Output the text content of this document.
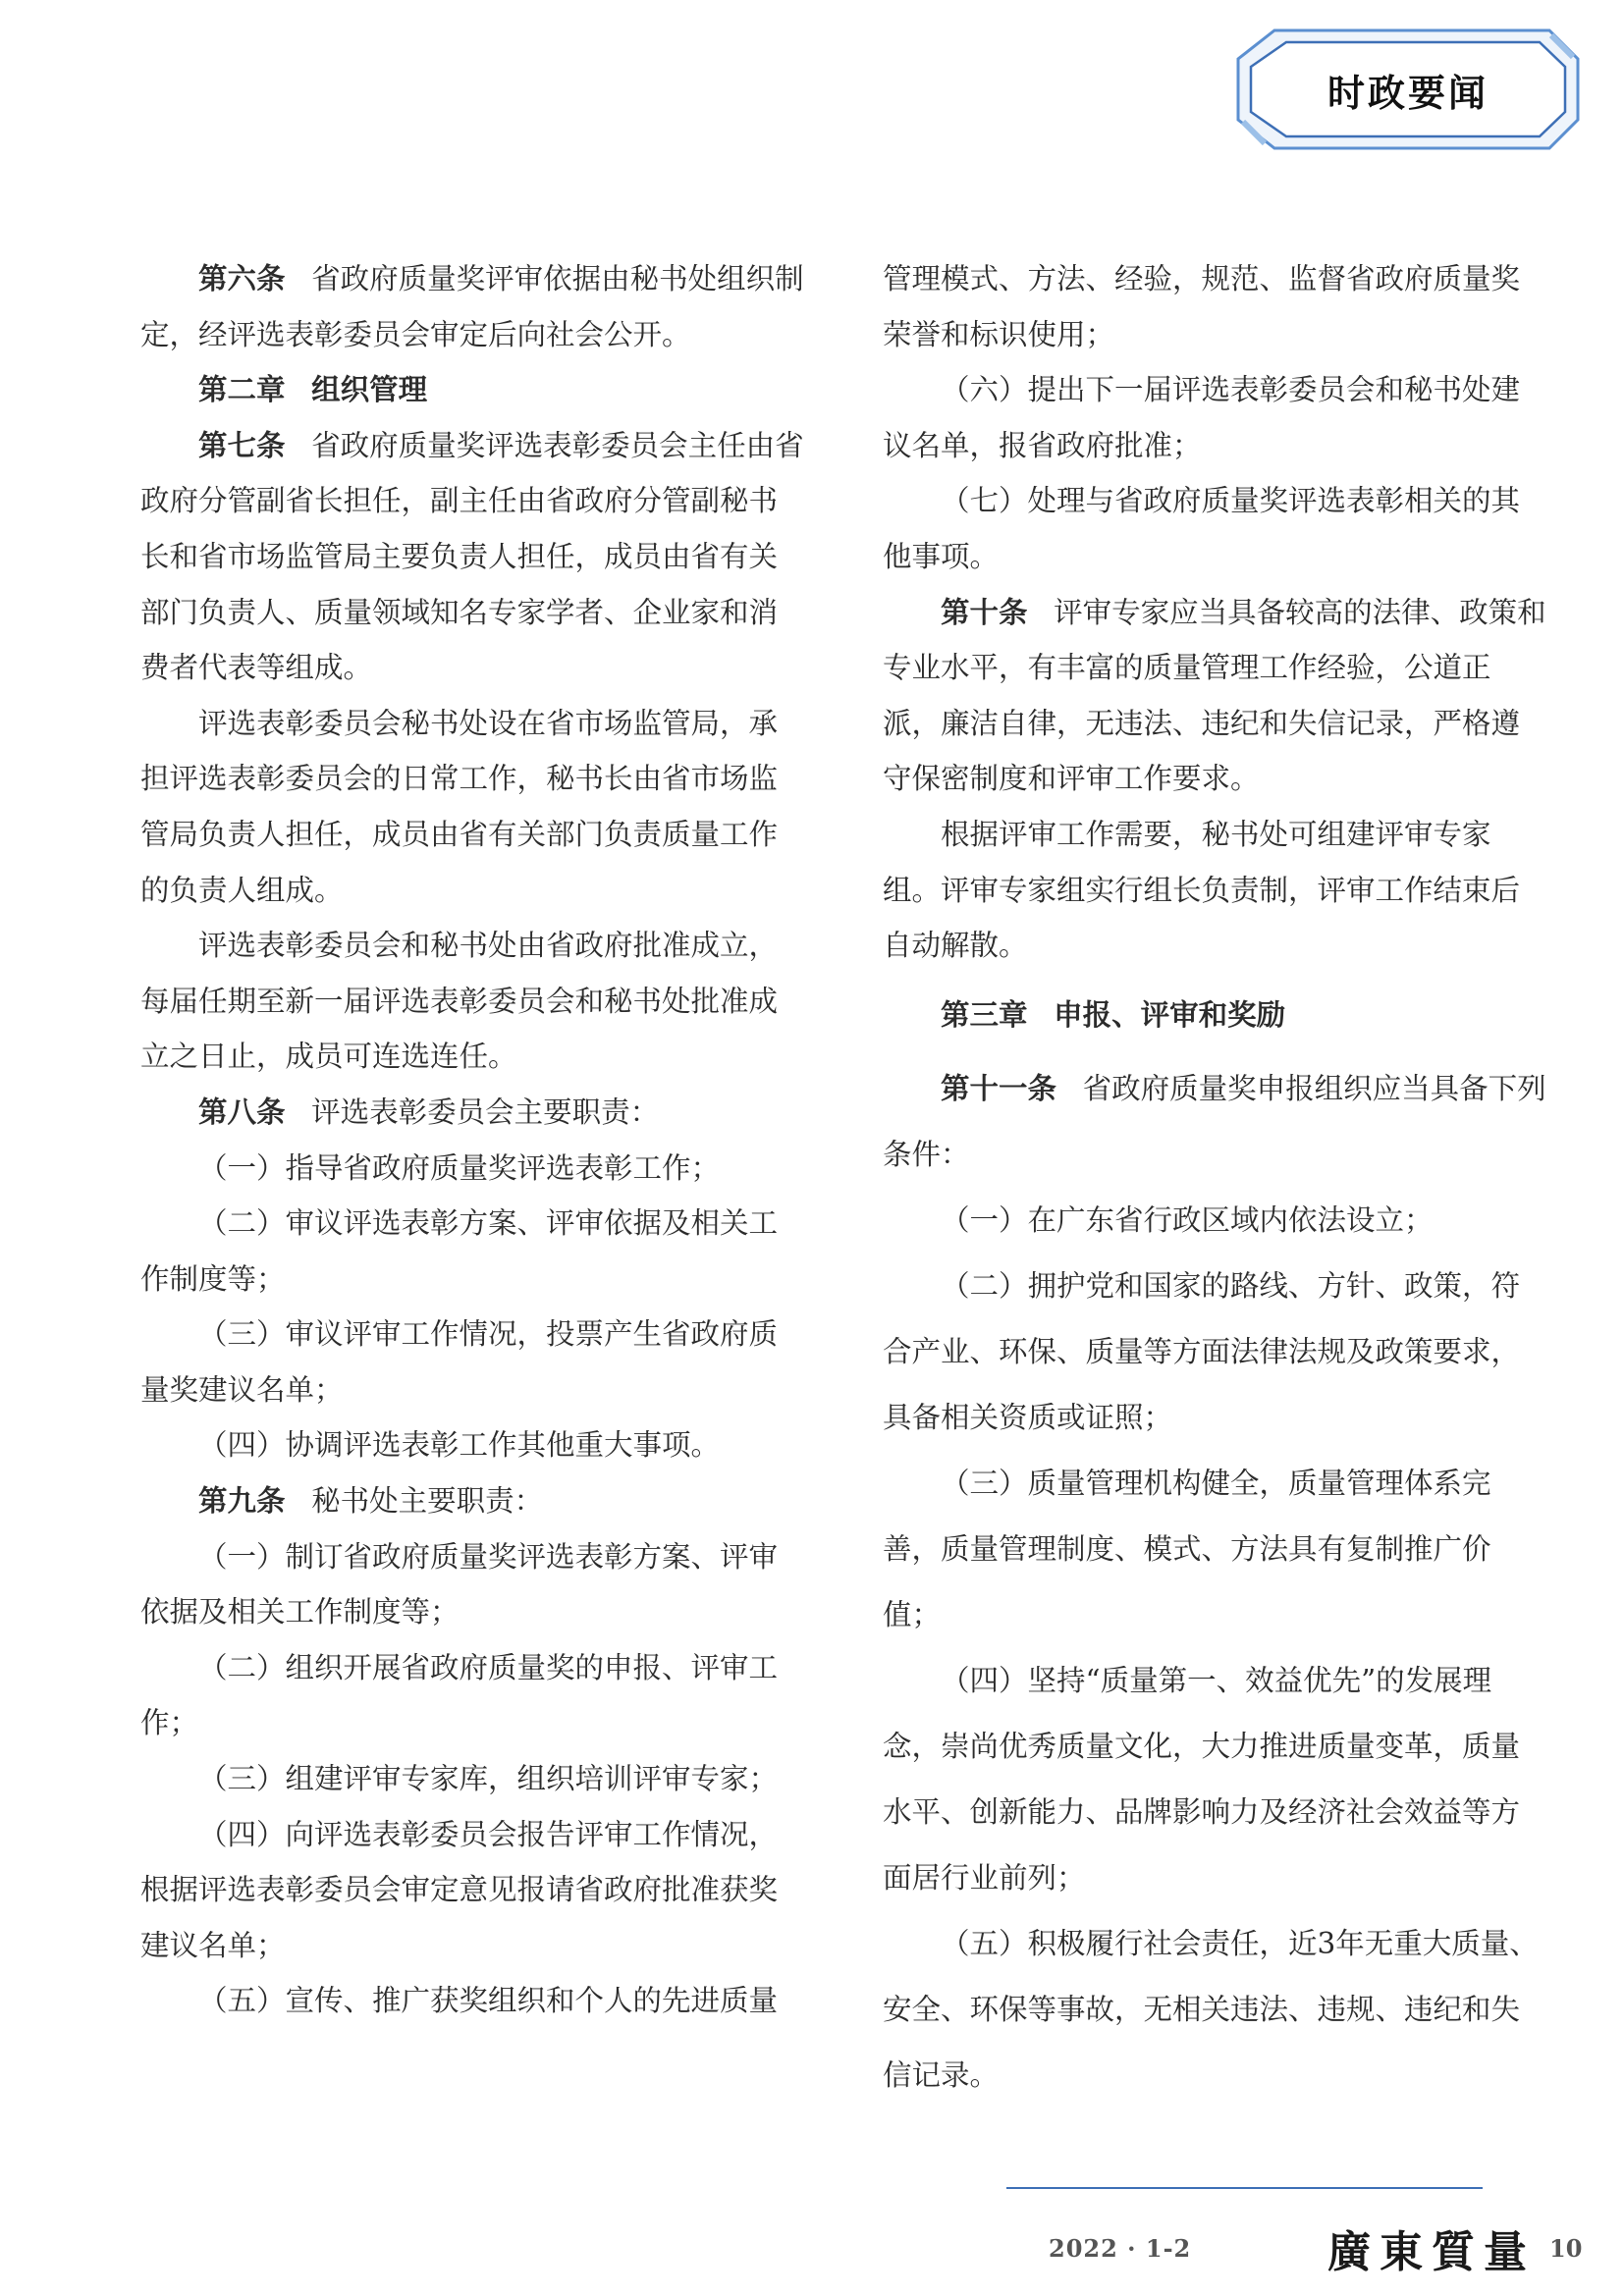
时政要闻

第六条 省政府质量奖评审依据由秘书处组织制定，经评选表彰委员会审定后向社会公开。

第二章 组织管理

第七条 省政府质量奖评选表彰委员会主任由省政府分管副省长担任，副主任由省政府分管副秘书长和省市场监管局主要负责人担任，成员由省有关部门负责人、质量领域知名专家学者、企业家和消费者代表等组成。

评选表彰委员会秘书处设在省市场监管局，承担评选表彰委员会的日常工作，秘书长由省市场监管局负责人担任，成员由省有关部门负责质量工作的负责人组成。

评选表彰委员会和秘书处由省政府批准成立，每届任期至新一届评选表彰委员会和秘书处批准成立之日止，成员可连选连任。

第八条 评选表彰委员会主要职责：

（一）指导省政府质量奖评选表彰工作；

（二）审议评选表彰方案、评审依据及相关工作制度等；

（三）审议评审工作情况，投票产生省政府质量奖建议名单；

（四）协调评选表彰工作其他重大事项。

第九条 秘书处主要职责：

（一）制订省政府质量奖评选表彰方案、评审依据及相关工作制度等；

（二）组织开展省政府质量奖的申报、评审工作；

（三）组建评审专家库，组织培训评审专家；

（四）向评选表彰委员会报告评审工作情况，根据评选表彰委员会审定意见报请省政府批准获奖建议名单；

（五）宣传、推广获奖组织和个人的先进质量

管理模式、方法、经验，规范、监督省政府质量奖荣誉和标识使用；

（六）提出下一届评选表彰委员会和秘书处建议名单，报省政府批准；

（七）处理与省政府质量奖评选表彰相关的其他事项。

第十条 评审专家应当具备较高的法律、政策和专业水平，有丰富的质量管理工作经验，公道正派，廉洁自律，无违法、违纪和失信记录，严格遵守保密制度和评审工作要求。

根据评审工作需要，秘书处可组建评审专家组。评审专家组实行组长负责制，评审工作结束后自动解散。

第三章 申报、评审和奖励

第十一条 省政府质量奖申报组织应当具备下列条件：

（一）在广东省行政区域内依法设立；

（二）拥护党和国家的路线、方针、政策，符合产业、环保、质量等方面法律法规及政策要求，具备相关资质或证照；

（三）质量管理机构健全，质量管理体系完善，质量管理制度、模式、方法具有复制推广价值；

（四）坚持“质量第一、效益优先”的发展理念，崇尚优秀质量文化，大力推进质量变革，质量水平、创新能力、品牌影响力及经济社会效益等方面居行业前列；

（五）积极履行社会责任，近3年无重大质量、安全、环保等事故，无相关违法、违规、违纪和失信记录。

2022 · 1-2	廣東質量 10
